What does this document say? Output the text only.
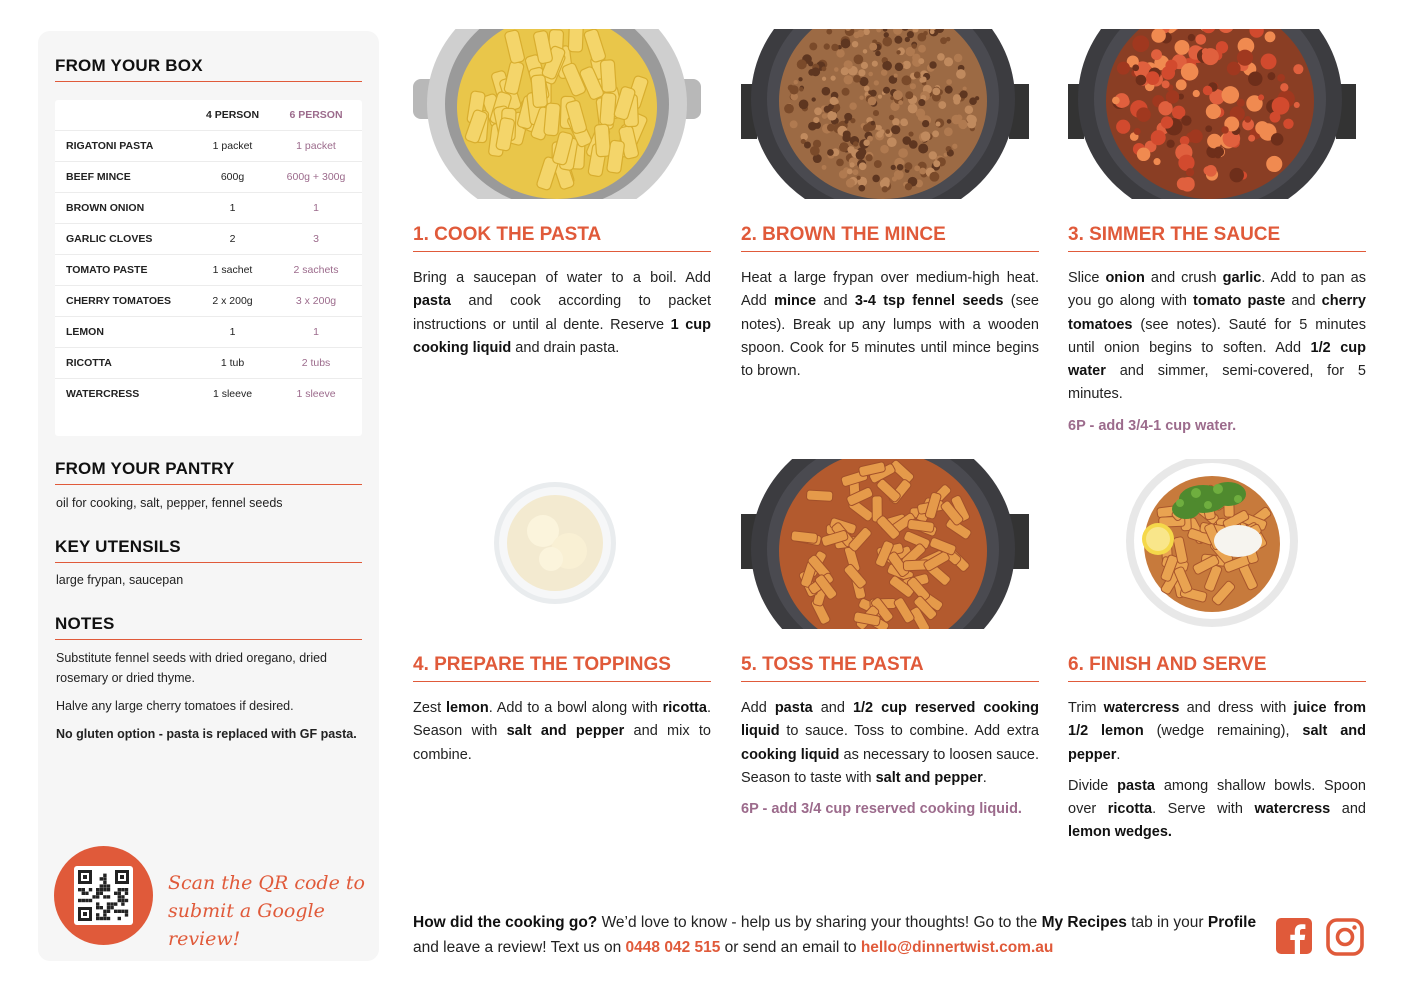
FROM YOUR BOX
	4 PERSON	6 PERSON
RIGATONI PASTA	1 packet	1 packet
BEEF MINCE	600g	600g + 300g
BROWN ONION	1	1
GARLIC CLOVES	2	3
TOMATO PASTE	1 sachet	2 sachets
CHERRY TOMATOES	2 x 200g	3 x 200g
LEMON	1	1
RICOTTA	1 tub	2 tubs
WATERCRESS	1 sleeve	1 sleeve
FROM YOUR PANTRY
oil for cooking, salt, pepper, fennel seeds
KEY UTENSILS
large frypan, saucepan
NOTES
Substitute fennel seeds with dried oregano, dried rosemary or dried thyme.
Halve any large cherry tomatoes if desired.
No gluten option - pasta is replaced with GF pasta.
Scan the QR code to
submit a Google review!
1. COOK THE PASTA

Bring a saucepan of water to a boil. Add pasta and cook according to packet instructions or until al dente. Reserve 1 cup cooking liquid and drain pasta.

2. BROWN THE MINCE

Heat a large frypan over medium-high heat. Add mince and 3-4 tsp fennel seeds (see notes). Break up any lumps with a wooden spoon. Cook for 5 minutes until mince begins to brown.

3. SIMMER THE SAUCE

Slice onion and crush garlic. Add to pan as you go along with tomato paste and cherry tomatoes (see notes). Sauté for 5 minutes until onion begins to soften. Add 1/2 cup water and simmer, semi-covered, for 5 minutes.

6P - add 3/4-1 cup water.

4. PREPARE THE TOPPINGS

Zest lemon. Add to a bowl along with ricotta. Season with salt and pepper and mix to combine.

5. TOSS THE PASTA

Add pasta and 1/2 cup reserved cooking liquid to sauce. Toss to combine. Add extra cooking liquid as necessary to loosen sauce. Season to taste with salt and pepper.

6P - add 3/4 cup reserved cooking liquid.

6. FINISH AND SERVE

Trim watercress and dress with juice from 1/2 lemon (wedge remaining), salt and pepper.

Divide pasta among shallow bowls. Spoon over ricotta. Serve with watercress and lemon wedges.

How did the cooking go? We’d love to know - help us by sharing your thoughts! Go to the My Recipes tab in your Profile and leave a review! Text us on 0448 042 515 or send an email to hello@dinnertwist.com.au
